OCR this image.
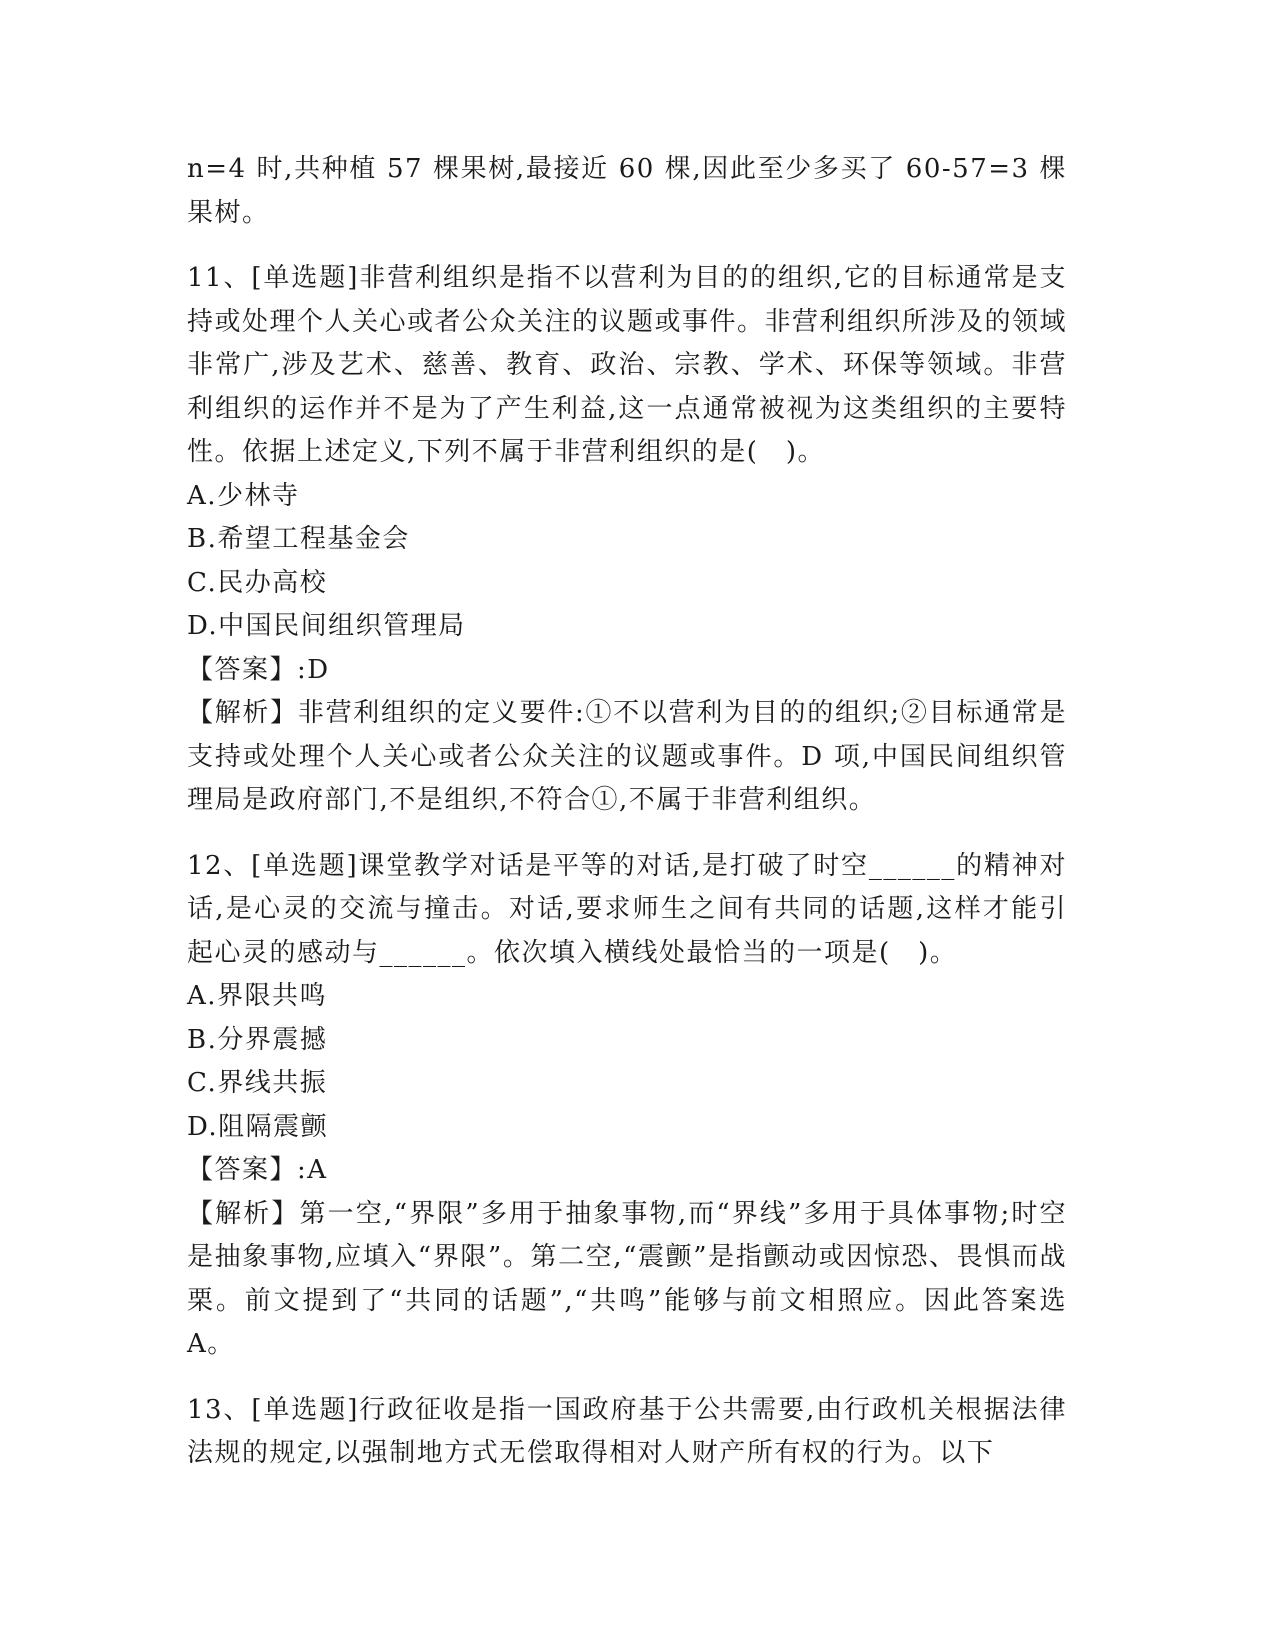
n=4 时,共种植 57 棵果树,最接近 60 棵,因此至少多买了 60-57=3 棵果树。

11、[单选题]非营利组织是指不以营利为目的的组织,它的目标通常是支持或处理个人关心或者公众关注的议题或事件。非营利组织所涉及的领域非常广,涉及艺术、慈善、教育、政治、宗教、学术、环保等领域。非营利组织的运作并不是为了产生利益,这一点通常被视为这类组织的主要特性。依据上述定义,下列不属于非营利组织的是(　)。

A.少林寺

B.希望工程基金会

C.民办高校

D.中国民间组织管理局

【答案】:D

【解析】非营利组织的定义要件:①不以营利为目的的组织;②目标通常是支持或处理个人关心或者公众关注的议题或事件。D 项,中国民间组织管理局是政府部门,不是组织,不符合①,不属于非营利组织。

12、[单选题]课堂教学对话是平等的对话,是打破了时空______的精神对话,是心灵的交流与撞击。对话,要求师生之间有共同的话题,这样才能引起心灵的感动与______。依次填入横线处最恰当的一项是(　)。

A.界限共鸣

B.分界震撼

C.界线共振

D.阻隔震颤

【答案】:A

【解析】第一空,“界限”多用于抽象事物,而“界线”多用于具体事物;时空是抽象事物,应填入“界限”。第二空,“震颤”是指颤动或因惊恐、畏惧而战栗。前文提到了“共同的话题”,“共鸣”能够与前文相照应。因此答案选 A。

13、[单选题]行政征收是指一国政府基于公共需要,由行政机关根据法律法规的规定,以强制地方式无偿取得相对人财产所有权的行为。以下
